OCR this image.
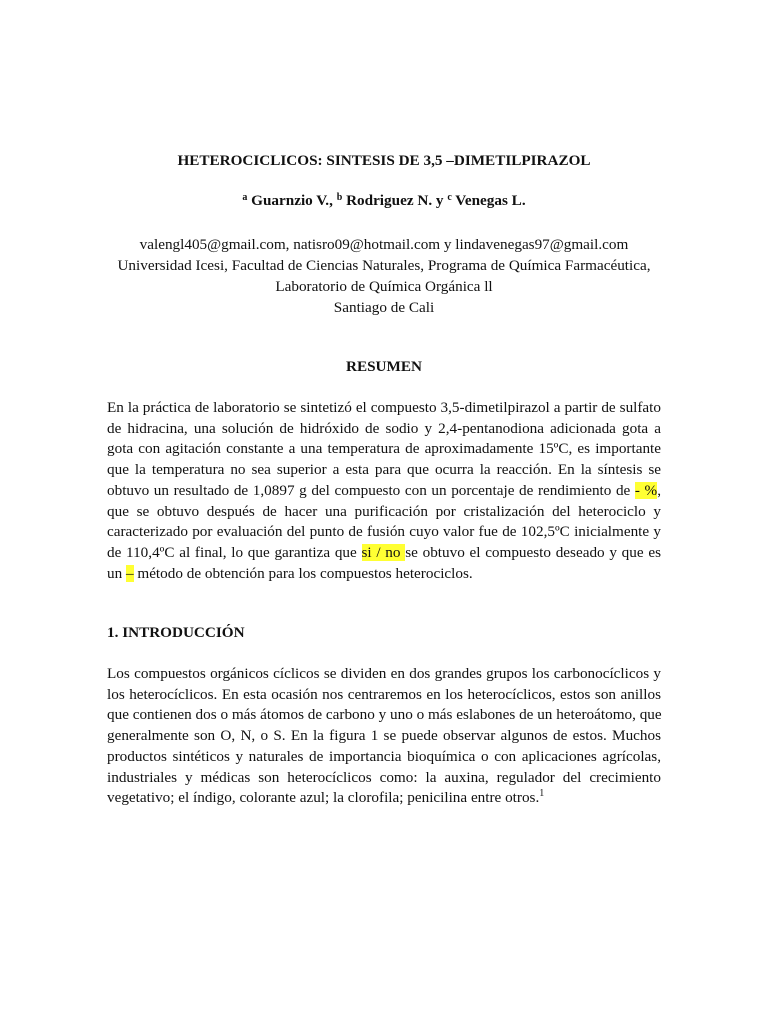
HETEROCICLICOS: SINTESIS DE 3,5 –DIMETILPIRAZOL
$^a$ Guarnzio V., $^b$ Rodriguez N. y $^c$ Venegas L.
valengl405@gmail.com, natisro09@hotmail.com y lindavenegas97@gmail.com
Universidad Icesi, Facultad de Ciencias Naturales, Programa de Química Farmacéutica,
Laboratorio de Química Orgánica ll
Santiago de Cali
RESUMEN
En la práctica de laboratorio se sintetizó el compuesto 3,5-dimetilpirazol a partir de sulfato
de hidracina, una solución de hidróxido de sodio y 2,4-pentanodiona adicionada gota a
gota con agitación constante a una temperatura de aproximadamente 15ºC, es importante
que la temperatura no sea superior a esta para que ocurra la reacción. En la síntesis se
obtuvo un resultado de 1,0897 g del compuesto con un porcentaje de rendimiento de - %,
que se obtuvo después de hacer una purificación por cristalización del heterociclo y
caracterizado por evaluación del punto de fusión cuyo valor fue de 102,5ºC inicialmente y
de 110,4ºC al final, lo que garantiza que si / no se obtuvo el compuesto deseado y que es
un – método de obtención para los compuestos heterociclos.
1. INTRODUCCIÓN
Los compuestos orgánicos cíclicos se dividen en dos grandes grupos los carbonocíclicos y
los heterocíclicos. En esta ocasión nos centraremos en los heterocíclicos, estos son anillos
que contienen dos o más átomos de carbono y uno o más eslabones de un heteroátomo, que
generalmente son O, N, o S. En la figura 1 se puede observar algunos de estos. Muchos
productos sintéticos y naturales de importancia bioquímica o con aplicaciones agrícolas,
industriales y médicas son heterocíclicos como: la auxina, regulador del crecimiento
vegetativo; el índigo, colorante azul; la clorofila; penicilina entre otros.$^1$
